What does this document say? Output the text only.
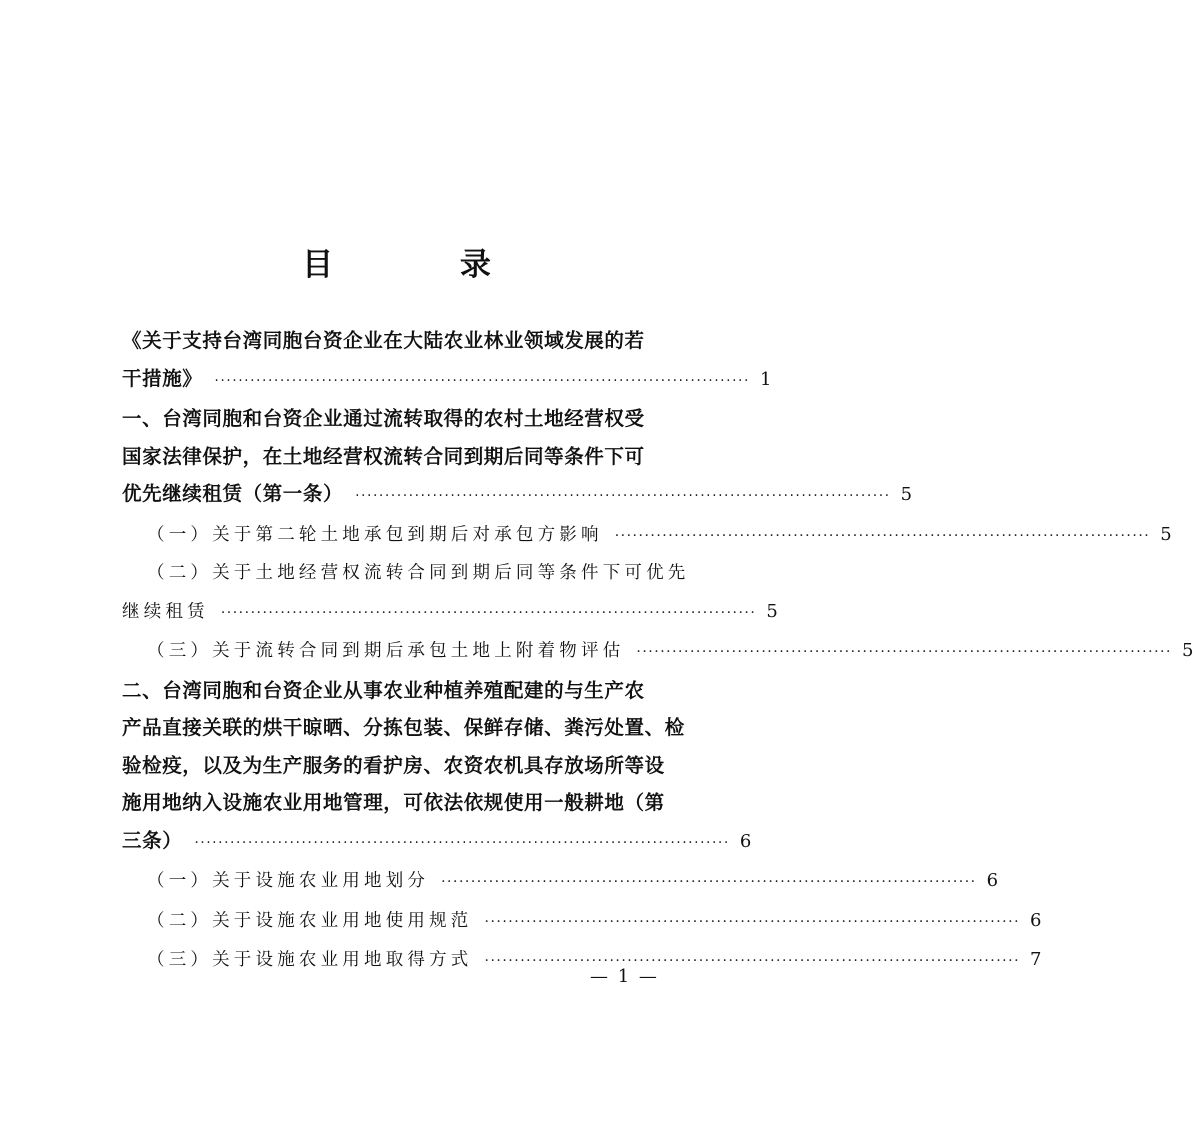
目 录
《关于支持台湾同胞台资企业在大陆农业林业领域发展的若
干措施》 ·························································································· 1
一、台湾同胞和台资企业通过流转取得的农村土地经营权受
国家法律保护，在土地经营权流转合同到期后同等条件下可
优先继续租赁（第一条） ·························································································· 5
（一）关于第二轮土地承包到期后对承包方影响 ·························································································· 5
（二）关于土地经营权流转合同到期后同等条件下可优先
继续租赁 ·························································································· 5
（三）关于流转合同到期后承包土地上附着物评估 ·························································································· 5
二、台湾同胞和台资企业从事农业种植养殖配建的与生产农
产品直接关联的烘干晾晒、分拣包装、保鲜存储、粪污处置、检
验检疫，以及为生产服务的看护房、农资农机具存放场所等设
施用地纳入设施农业用地管理，可依法依规使用一般耕地（第
三条） ·························································································· 6
（一）关于设施农业用地划分 ·························································································· 6
（二）关于设施农业用地使用规范 ·························································································· 6
（三）关于设施农业用地取得方式 ·························································································· 7
— 1 —
